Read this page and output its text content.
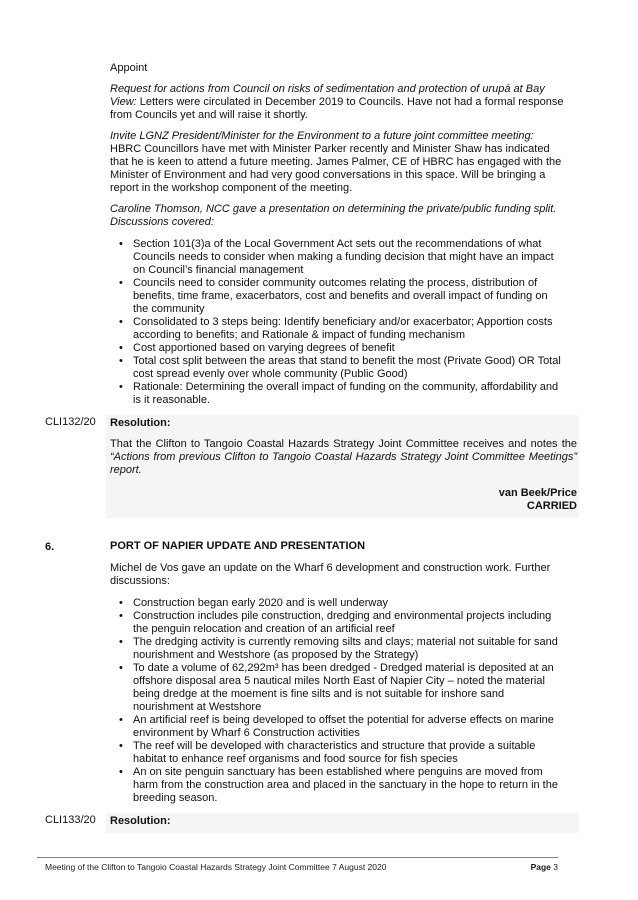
Appoint

Request for actions from Council on risks of sedimentation and protection of urupā at Bay View: Letters were circulated in December 2019 to Councils. Have not had a formal response from Councils yet and will raise it shortly.

Invite LGNZ President/Minister for the Environment to a future joint committee meeting: HBRC Councillors have met with Minister Parker recently and Minister Shaw has indicated that he is keen to attend a future meeting. James Palmer, CE of HBRC has engaged with the Minister of Environment and had very good conversations in this space. Will be bringing a report in the workshop component of the meeting.

Caroline Thomson, NCC gave a presentation on determining the private/public funding split. Discussions covered:

• Section 101(3)a of the Local Government Act sets out the recommendations of what Councils needs to consider when making a funding decision that might have an impact on Council’s financial management
• Councils need to consider community outcomes relating the process, distribution of benefits, time frame, exacerbators, cost and benefits and overall impact of funding on the community
• Consolidated to 3 steps being: Identify beneficiary and/or exacerbator; Apportion costs according to benefits; and Rationale & impact of funding mechanism
• Cost apportioned based on varying degrees of benefit
• Total cost split between the areas that stand to benefit the most (Private Good) OR Total cost spread evenly over whole community (Public Good)
• Rationale: Determining the overall impact of funding on the community, affordability and is it reasonable.
CLI132/20	Resolution:

That the Clifton to Tangoio Coastal Hazards Strategy Joint Committee receives and notes the “Actions from previous Clifton to Tangoio Coastal Hazards Strategy Joint Committee Meetings” report.

van Beek/Price
CARRIED
6.	PORT OF NAPIER UPDATE AND PRESENTATION

Michel de Vos gave an update on the Wharf 6 development and construction work. Further discussions:

• Construction began early 2020 and is well underway
• Construction includes pile construction, dredging and environmental projects including the penguin relocation and creation of an artificial reef
• The dredging activity is currently removing silts and clays; material not suitable for sand nourishment and Westshore (as proposed by the Strategy)
• To date a volume of 62,292m³ has been dredged - Dredged material is deposited at an offshore disposal area 5 nautical miles North East of Napier City – noted the material being dredge at the moement is fine silts and is not suitable for inshore sand nourishment at Westshore
• An artificial reef is being developed to offset the potential for adverse effects on marine environment by Wharf 6 Construction activities
• The reef will be developed with characteristics and structure that provide a suitable habitat to enhance reef organisms and food source for fish species
• An on site penguin sanctuary has been established where penguins are moved from harm from the construction area and placed in the sanctuary in the hope to return in the breeding season.
CLI133/20	Resolution:
Meeting of the Clifton to Tangoio Coastal Hazards Strategy Joint Committee 7 August 2020	Page 3
